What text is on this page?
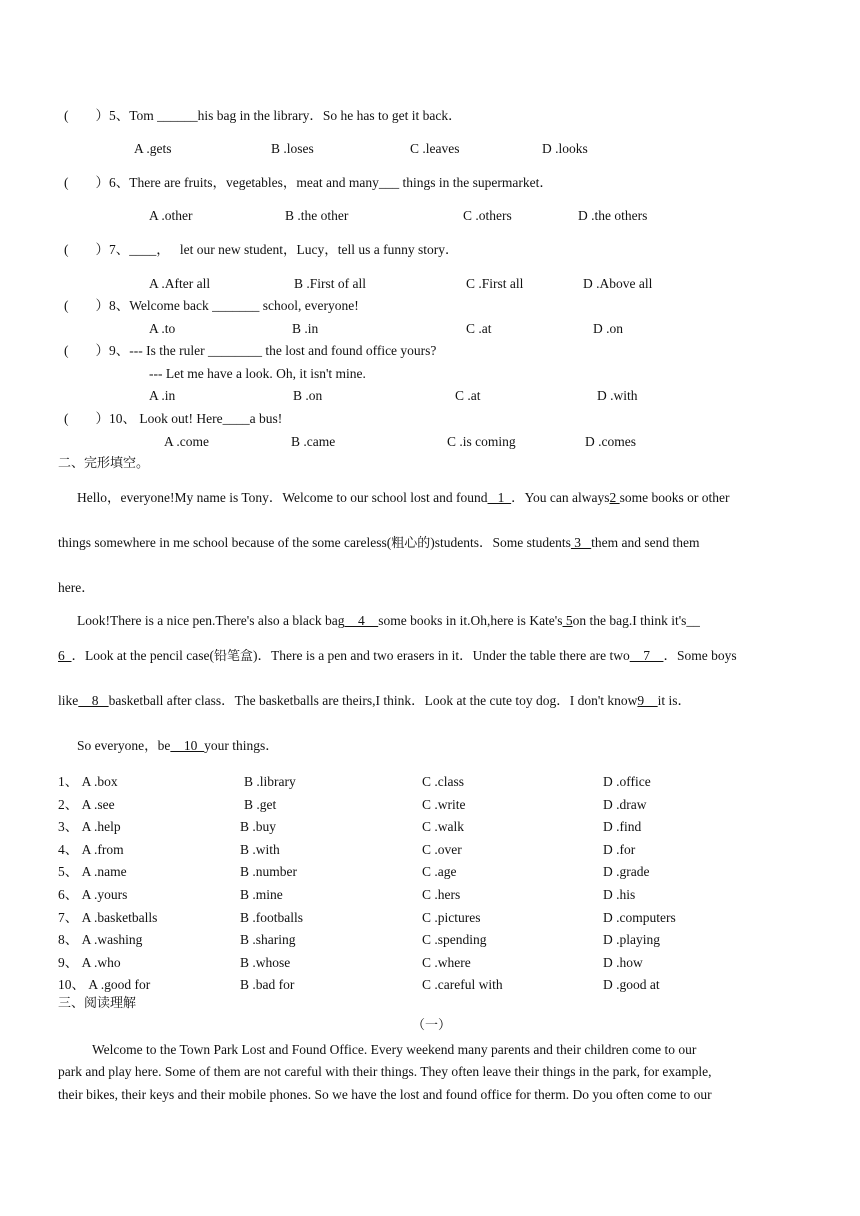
(        ）5、Tom ______his bag in the library．So he has to get it back．
A .gets	B .loses	C .leaves	D .looks
(        ）6、There are fruits，vegetables，meat and many___ things in the supermarket．
A .other	B .the other	C .others	D .the others
(        ）7、____，   let our new student，Lucy，tell us a funny story．
A .After all	B .First of all	C .First all	D .Above all
(        ）8、Welcome back _______ school, everyone!
A .to	B .in	C .at	D .on
(        ）9、--- Is the ruler ________ the lost and found office yours?
--- Let me have a look. Oh, it isn't mine.
A .in	B .on	C .at	D .with
(        ）10、 Look out! Here____a bus!
A .come	B .came	C .is coming	D .comes
二、完形填空。
Hello，everyone!My name is Tony．Welcome to our school lost and found   1  ．You can always2 some books or other
things somewhere in me school because of the some careless(粗心的)students．Some students 3   them and send them
here．
Look!There is a nice pen.There's also a black bag    4    some books in it.Oh,here is Kate's 5on the bag.I think it's__
6  ．Look at the pencil case(铅笔盒)．There is a pen and two erasers in it．Under the table there are two    7    ．Some boys
like    8   basketball after class．The basketballs are theirs,I think．Look at the cute toy dog．I don't know9    it is．
So everyone，be    10  your things．
1、 A .box	B .library	C .class	D .office
2、 A .see	B .get	C .write	D .draw
3、 A .help	B .buy	C .walk	D .find
4、 A .from	B .with	C .over	D .for
5、 A .name	B .number	C .age	D .grade
6、 A .yours	B .mine	C .hers	D .his
7、 A .basketballs	B .footballs	C .pictures	D .computers
8、 A .washing	B .sharing	C .spending	D .playing
9、 A .who	B .whose	C .where	D .how
10、 A .good for	B .bad for	C .careful with	D .good at
三、阅读理解
（一）
Welcome to the Town Park Lost and Found Office. Every weekend many parents and their children come to our
park and play here. Some of them are not careful with their things. They often leave their things in the park, for example,
their bikes, their keys and their mobile phones. So we have the lost and found office for therm. Do you often come to our
